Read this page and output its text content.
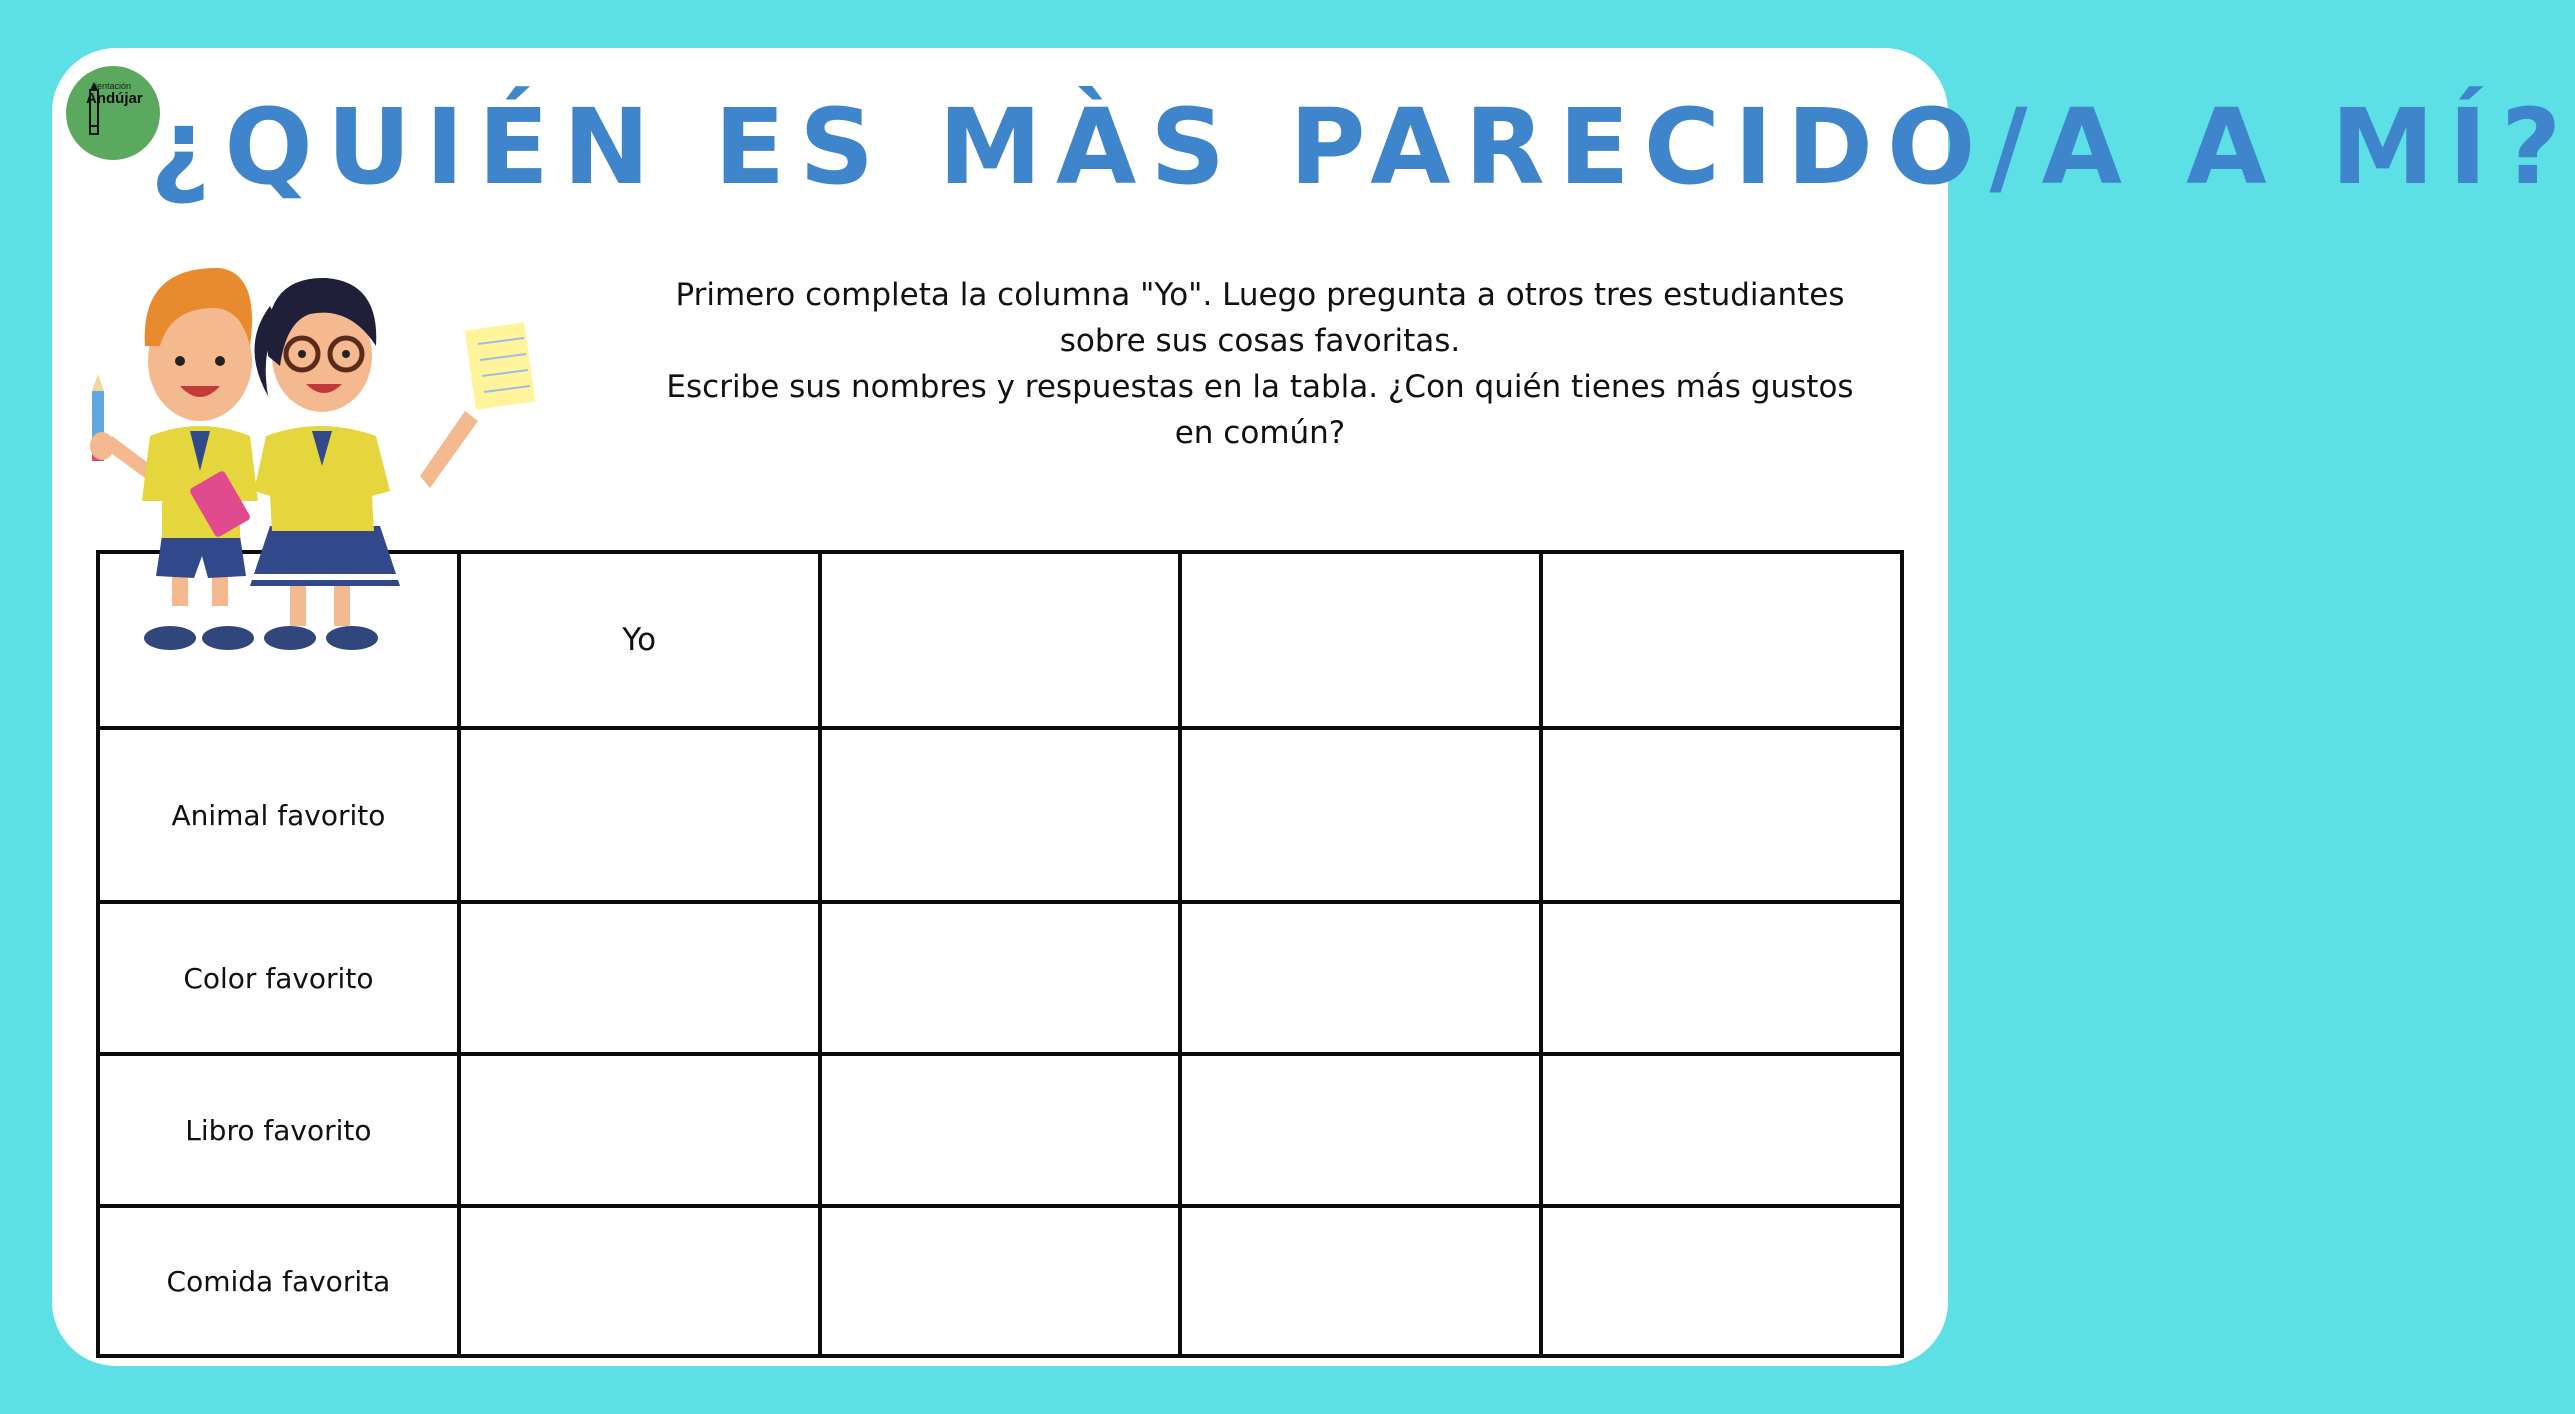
rientación
Andújar ¿QUIÉN ES MÀS PARECIDO/A A MÍ?
Primero completa la columna "Yo". Luego pregunta a otros tres estudiantes
sobre sus cosas favoritas.
Escribe sus nombres y respuestas en la tabla. ¿Con quién tienes más gustos
en común?
	Yo			
Animal favorito				
Color favorito				
Libro favorito				
Comida favorita				
